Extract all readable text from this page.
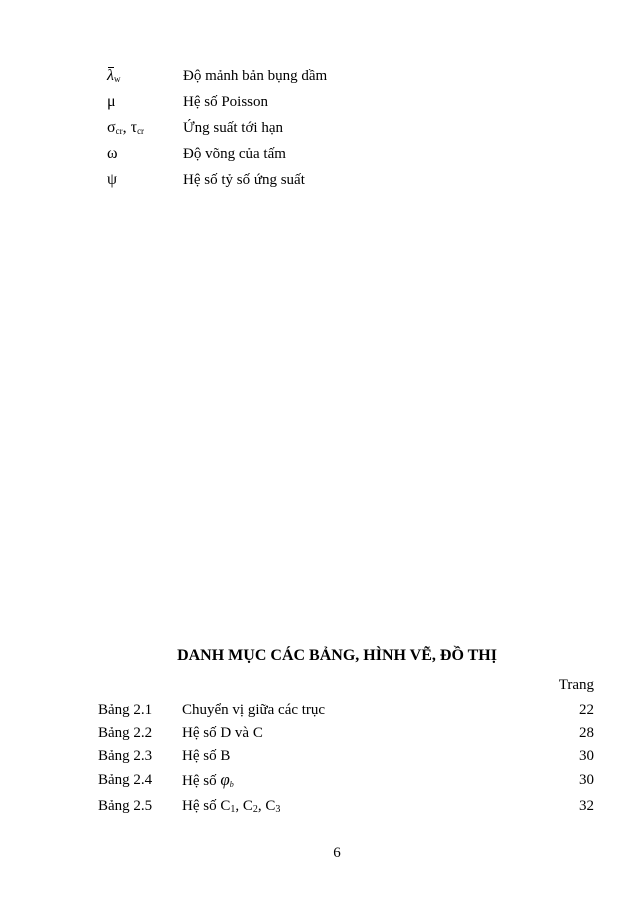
$\lambda_w$	Độ mảnh bản bụng dầm
μ	Hệ số Poisson
$\sigma_{cr}$, $\tau_{cr}$	Ứng suất tới hạn
ω	Độ võng của tấm
ψ	Hệ số tỷ số ứng suất
DANH MỤC CÁC BẢNG, HÌNH VẼ, ĐỒ THỊ
Trang
Bảng 2.1 Chuyển vị giữa các trục	22
Bảng 2.2 Hệ số D và C	28
Bảng 2.3 Hệ số B	30
Bảng 2.4 Hệ số $\varphi_b$	30
Bảng 2.5 Hệ số $C_1$, $C_2$, $C_3$	32
6
